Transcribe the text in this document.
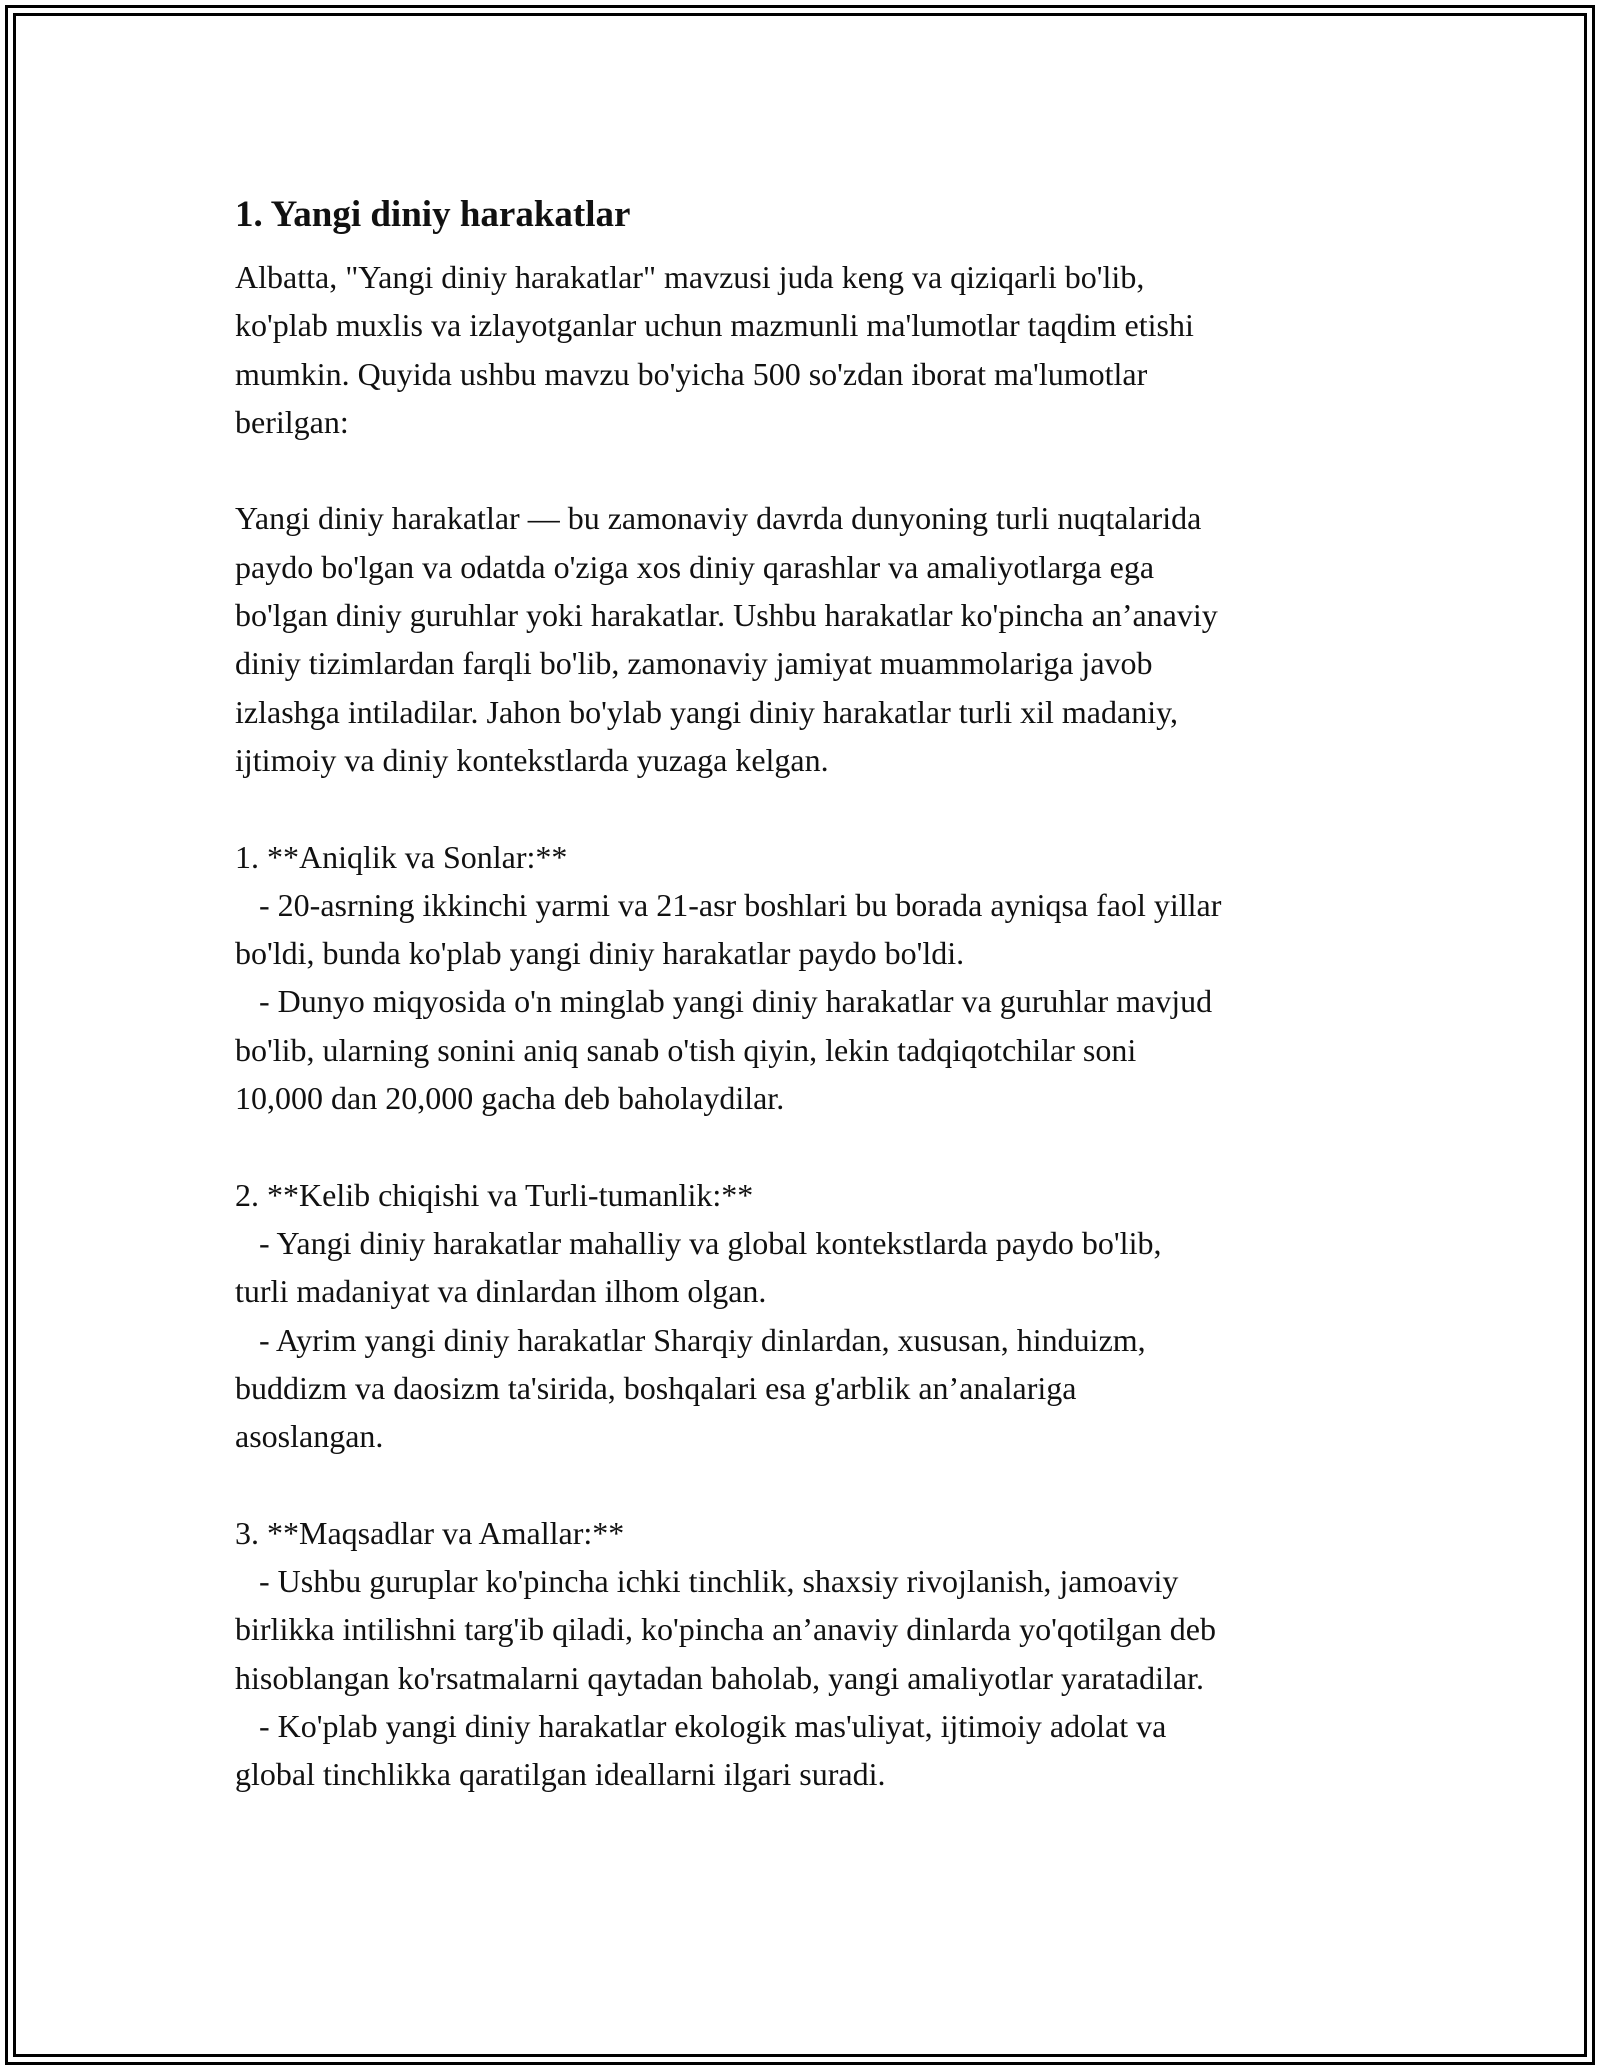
1. Yangi diniy harakatlar

Albatta, "Yangi diniy harakatlar" mavzusi juda keng va qiziqarli bo'lib,
ko'plab muxlis va izlayotganlar uchun mazmunli ma'lumotlar taqdim etishi
mumkin. Quyida ushbu mavzu bo'yicha 500 so'zdan iborat ma'lumotlar
berilgan:

Yangi diniy harakatlar — bu zamonaviy davrda dunyoning turli nuqtalarida
paydo bo'lgan va odatda o'ziga xos diniy qarashlar va amaliyotlarga ega
bo'lgan diniy guruhlar yoki harakatlar. Ushbu harakatlar ko'pincha an’anaviy
diniy tizimlardan farqli bo'lib, zamonaviy jamiyat muammolariga javob
izlashga intiladilar. Jahon bo'ylab yangi diniy harakatlar turli xil madaniy,
ijtimoiy va diniy kontekstlarda yuzaga kelgan.

1. **Aniqlik va Sonlar:**
- 20-asrning ikkinchi yarmi va 21-asr boshlari bu borada ayniqsa faol yillar
bo'ldi, bunda ko'plab yangi diniy harakatlar paydo bo'ldi.
- Dunyo miqyosida o'n minglab yangi diniy harakatlar va guruhlar mavjud
bo'lib, ularning sonini aniq sanab o'tish qiyin, lekin tadqiqotchilar soni
10,000 dan 20,000 gacha deb baholaydilar.

2. **Kelib chiqishi va Turli-tumanlik:**
- Yangi diniy harakatlar mahalliy va global kontekstlarda paydo bo'lib,
turli madaniyat va dinlardan ilhom olgan.
- Ayrim yangi diniy harakatlar Sharqiy dinlardan, xususan, hinduizm,
buddizm va daosizm ta'sirida, boshqalari esa g'arblik an’analariga
asoslangan.

3. **Maqsadlar va Amallar:**
- Ushbu guruplar ko'pincha ichki tinchlik, shaxsiy rivojlanish, jamoaviy
birlikka intilishni targ'ib qiladi, ko'pincha an’anaviy dinlarda yo'qotilgan deb
hisoblangan ko'rsatmalarni qaytadan baholab, yangi amaliyotlar yaratadilar.
- Ko'plab yangi diniy harakatlar ekologik mas'uliyat, ijtimoiy adolat va
global tinchlikka qaratilgan ideallarni ilgari suradi.
